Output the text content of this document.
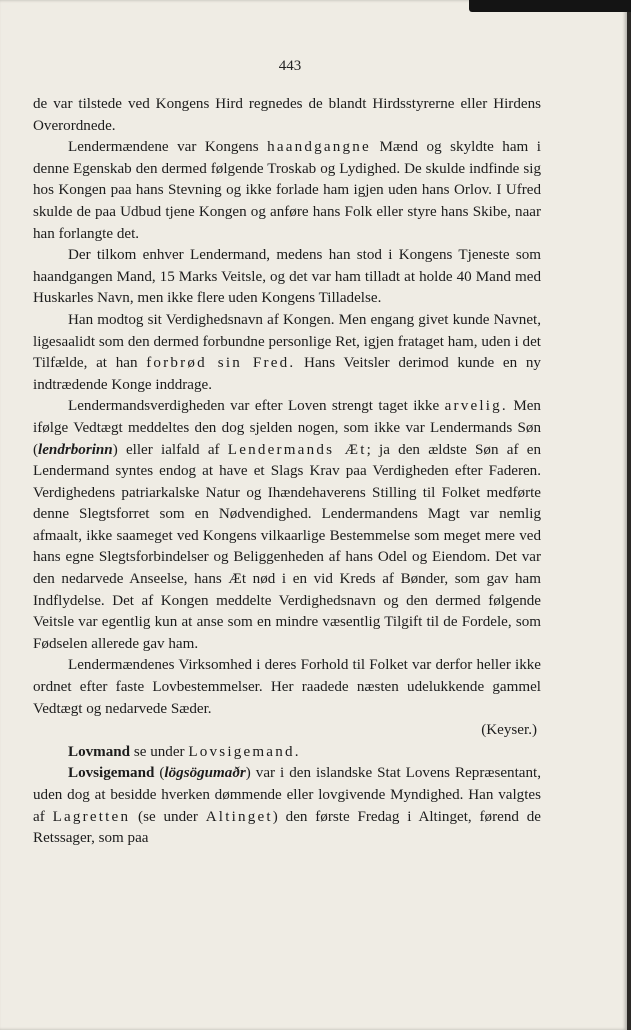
443

de var tilstede ved Kongens Hird regnedes de blandt Hirdsstyrerne eller Hirdens Overordnede.

Lendermændene var Kongens haandgangne Mænd og skyldte ham i denne Egenskab den dermed følgende Troskab og Lydighed. De skulde indfinde sig hos Kongen paa hans Stevning og ikke forlade ham igjen uden hans Orlov. I Ufred skulde de paa Udbud tjene Kongen og anføre hans Folk eller styre hans Skibe, naar han forlangte det.

Der tilkom enhver Lendermand, medens han stod i Kongens Tjeneste som haandgangen Mand, 15 Marks Veitsle, og det var ham tilladt at holde 40 Mand med Huskarles Navn, men ikke flere uden Kongens Tilladelse.

Han modtog sit Verdighedsnavn af Kongen. Men engang givet kunde Navnet, ligesaalidt som den dermed forbundne personlige Ret, igjen frataget ham, uden i det Tilfælde, at han forbrød sin Fred. Hans Veitsler derimod kunde en ny indtrædende Konge inddrage.

Lendermandsverdigheden var efter Loven strengt taget ikke arvelig. Men ifølge Vedtægt meddeltes den dog sjelden nogen, som ikke var Lendermands Søn (lendrborinn) eller ialfald af Lendermands Æt; ja den ældste Søn af en Lendermand syntes endog at have et Slags Krav paa Verdigheden efter Faderen. Verdighedens patriarkalske Natur og Ihændehaverens Stilling til Folket medførte denne Slegtsforret som en Nødvendighed. Lendermandens Magt var nemlig afmaalt, ikke saameget ved Kongens vilkaarlige Bestemmelse som meget mere ved hans egne Slegtsforbindelser og Beliggenheden af hans Odel og Eiendom. Det var den nedarvede Anseelse, hans Æt nød i en vid Kreds af Bønder, som gav ham Indflydelse. Det af Kongen meddelte Verdighedsnavn og den dermed følgende Veitsle var egentlig kun at anse som en mindre væsentlig Tilgift til de Fordele, som Fødselen allerede gav ham.

Lendermændenes Virksomhed i deres Forhold til Folket var derfor heller ikke ordnet efter faste Lovbestemmelser. Her raadede næsten udelukkende gammel Vedtægt og nedarvede Sæder.

(Keyser.)

Lovmand se under Lovsigemand.

Lovsigemand (lögsögumaðr) var i den islandske Stat Lovens Repræsentant, uden dog at besidde hverken dømmende eller lovgivende Myndighed. Han valgtes af Lagretten (se under Altinget) den første Fredag i Altinget, førend de Retssager, som paa
